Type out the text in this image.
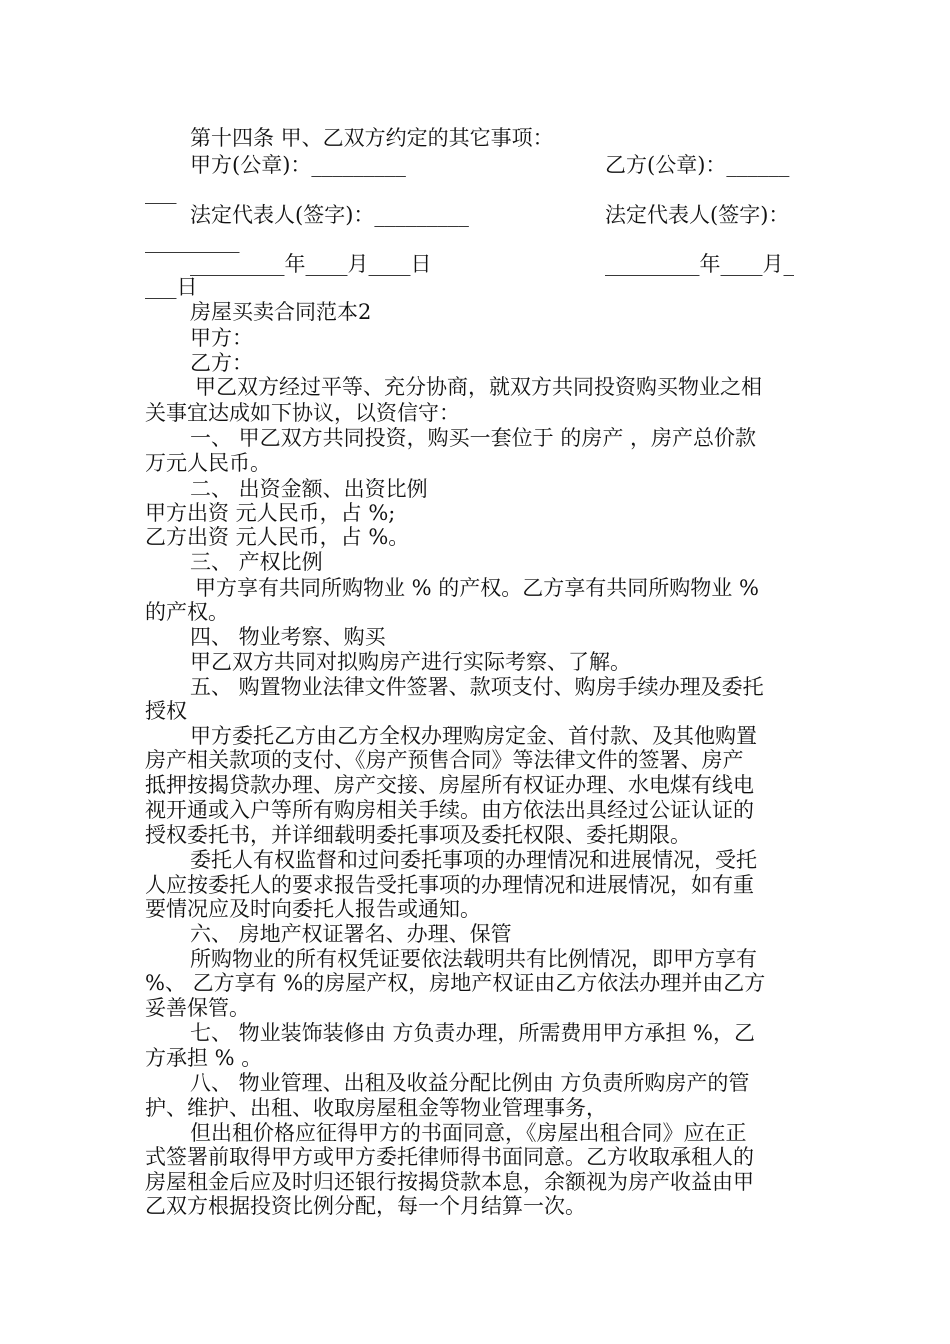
第十四条 甲、乙双方约定的其它事项：
甲方(公章)：_________	乙方(公章)：______
___
法定代表人(签字)：_________	法定代表人(签字)：
_________
_________年____月____日	_________年____月_
___日
房屋买卖合同范本2
甲方：
乙方：
甲乙双方经过平等、充分协商，就双方共同投资购买物业之相
关事宜达成如下协议，以资信守：
一、 甲乙双方共同投资，购买一套位于 的房产 ，房产总价款
万元人民币。
二、 出资金额、出资比例
甲方出资 元人民币，占 %;
乙方出资 元人民币，占 %。
三、 产权比例
甲方享有共同所购物业 % 的产权。乙方享有共同所购物业 %
的产权。
四、 物业考察、购买
甲乙双方共同对拟购房产进行实际考察、了解。
五、 购置物业法律文件签署、款项支付、购房手续办理及委托
授权
甲方委托乙方由乙方全权办理购房定金、首付款、及其他购置
房产相关款项的支付、《房产预售合同》等法律文件的签署、房产
抵押按揭贷款办理、房产交接、房屋所有权证办理、水电煤有线电
视开通或入户等所有购房相关手续。由方依法出具经过公证认证的
授权委托书，并详细载明委托事项及委托权限、委托期限。
委托人有权监督和过问委托事项的办理情况和进展情况，受托
人应按委托人的要求报告受托事项的办理情况和进展情况，如有重
要情况应及时向委托人报告或通知。
六、 房地产权证署名、办理、保管
所购物业的所有权凭证要依法载明共有比例情况，即甲方享有
%、 乙方享有 %的房屋产权，房地产权证由乙方依法办理并由乙方
妥善保管。
七、 物业装饰装修由 方负责办理，所需费用甲方承担 %，乙
方承担 % 。
八、 物业管理、出租及收益分配比例由 方负责所购房产的管
护、维护、出租、收取房屋租金等物业管理事务，
但出租价格应征得甲方的书面同意，《房屋出租合同》应在正
式签署前取得甲方或甲方委托律师得书面同意。乙方收取承租人的
房屋租金后应及时归还银行按揭贷款本息，余额视为房产收益由甲
乙双方根据投资比例分配，每一个月结算一次。
